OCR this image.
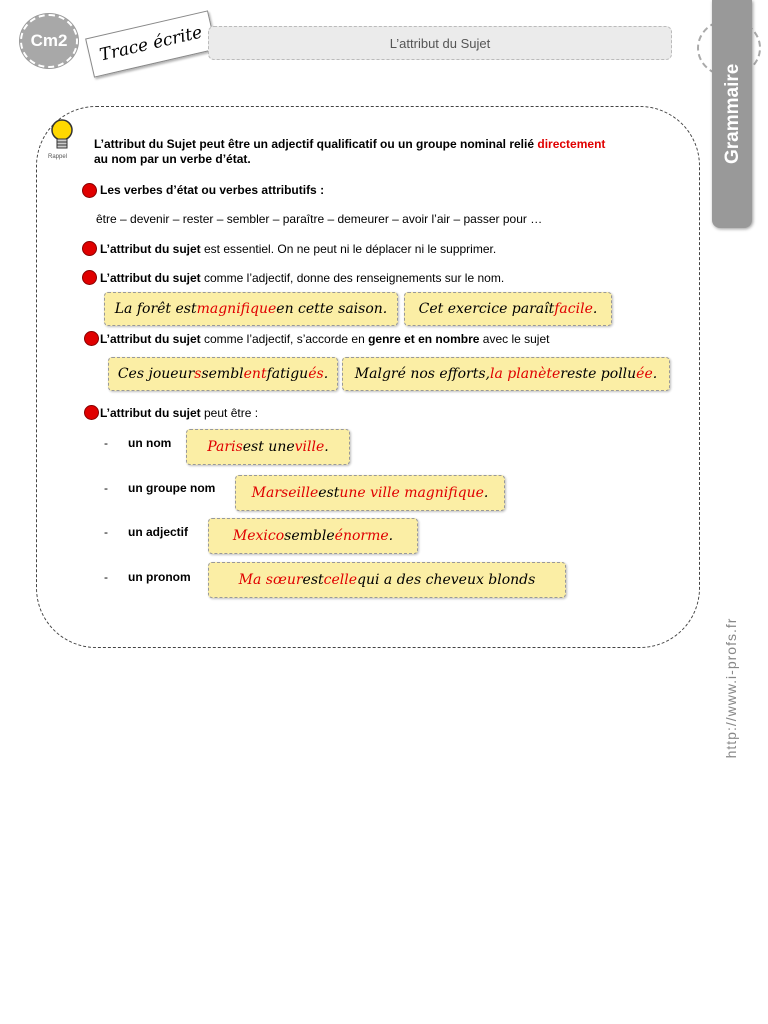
Cm2 Trace écrite	L’attribut du Sujet
Grammaire
http://www.i-profs.fr
Rappel
L’attribut du Sujet peut être un adjectif qualificatif ou un groupe nominal relié directement
au nom par un verbe d’état.
Les verbes d’état ou verbes attributifs :
être – devenir – rester – sembler – paraître – demeurer – avoir l’air – passer pour …
L’attribut du sujet est essentiel. On ne peut ni le déplacer ni le supprimer.
L’attribut du sujet comme l’adjectif, donne des renseignements sur le nom.
La forêt est magnifique en cette saison. Cet exercice paraît facile .
L’attribut du sujet comme l’adjectif, s’accorde en genre et en nombre avec le sujet
Ces joueur s sembl ent fatigu és . Malgré nos efforts, la planète reste pollu ée .
L’attribut du sujet peut être :
- un nom	Paris est une ville .
- un groupe nom	Marseille est une ville magnifique .
- un adjectif	Mexico semble énorme .
- un pronom	Ma sœur est celle qui a des cheveux blonds
